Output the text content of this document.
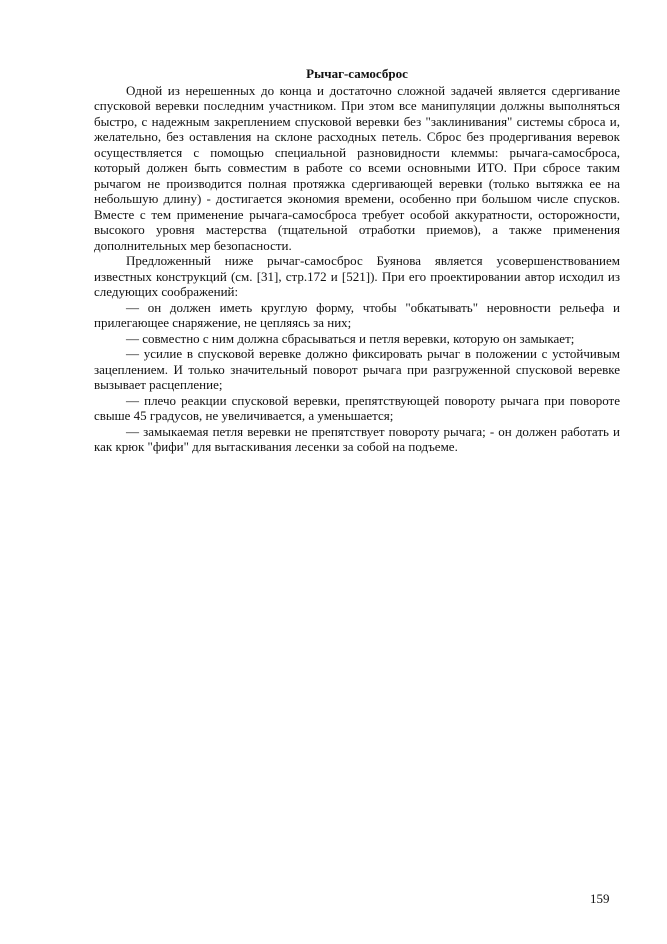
Рычаг-самосброс

Одной из нерешенных до конца и достаточно сложной задачей является сдергивание спусковой веревки последним участником. При этом все манипуляции должны выполняться быстро, с надежным закреплением спусковой веревки без "заклинивания" системы сброса и, желательно, без оставления на склоне расходных петель. Сброс без продергивания веревок осуществляется с помощью специальной разновидности клеммы: рычага-самосброса, который должен быть совместим в работе со всеми основными ИТО. При сбросе таким рычагом не производится полная протяжка сдергивающей веревки (только вытяжка ее на небольшую длину) - достигается экономия времени, особенно при большом числе спусков. Вместе с тем применение рычага-самосброса требует особой аккуратности, осторожности, высокого уровня мастерства (тщательной отработки приемов), а также применения дополнительных мер безопасности.

Предложенный ниже рычаг-самосброс Буянова является усовершенствованием известных конструкций (см. [31], стр.172 и [521]). При его проектировании автор исходил из следующих соображений:

— он должен иметь круглую форму, чтобы "обкатывать" неровности рельефа и прилегающее снаряжение, не цепляясь за них;

— совместно с ним должна сбрасываться и петля веревки, которую он замыкает;

— усилие в спусковой веревке должно фиксировать рычаг в положении с устойчивым зацеплением. И только значительный поворот рычага при разгруженной спусковой веревке вызывает расцепление;

— плечо реакции спусковой веревки, препятствующей повороту рычага при повороте свыше 45 градусов, не увеличивается, а уменьшается;

— замыкаемая петля веревки не препятствует повороту рычага; - он должен работать и как крюк "фифи" для вытаскивания лесенки за собой на подъеме.

159
